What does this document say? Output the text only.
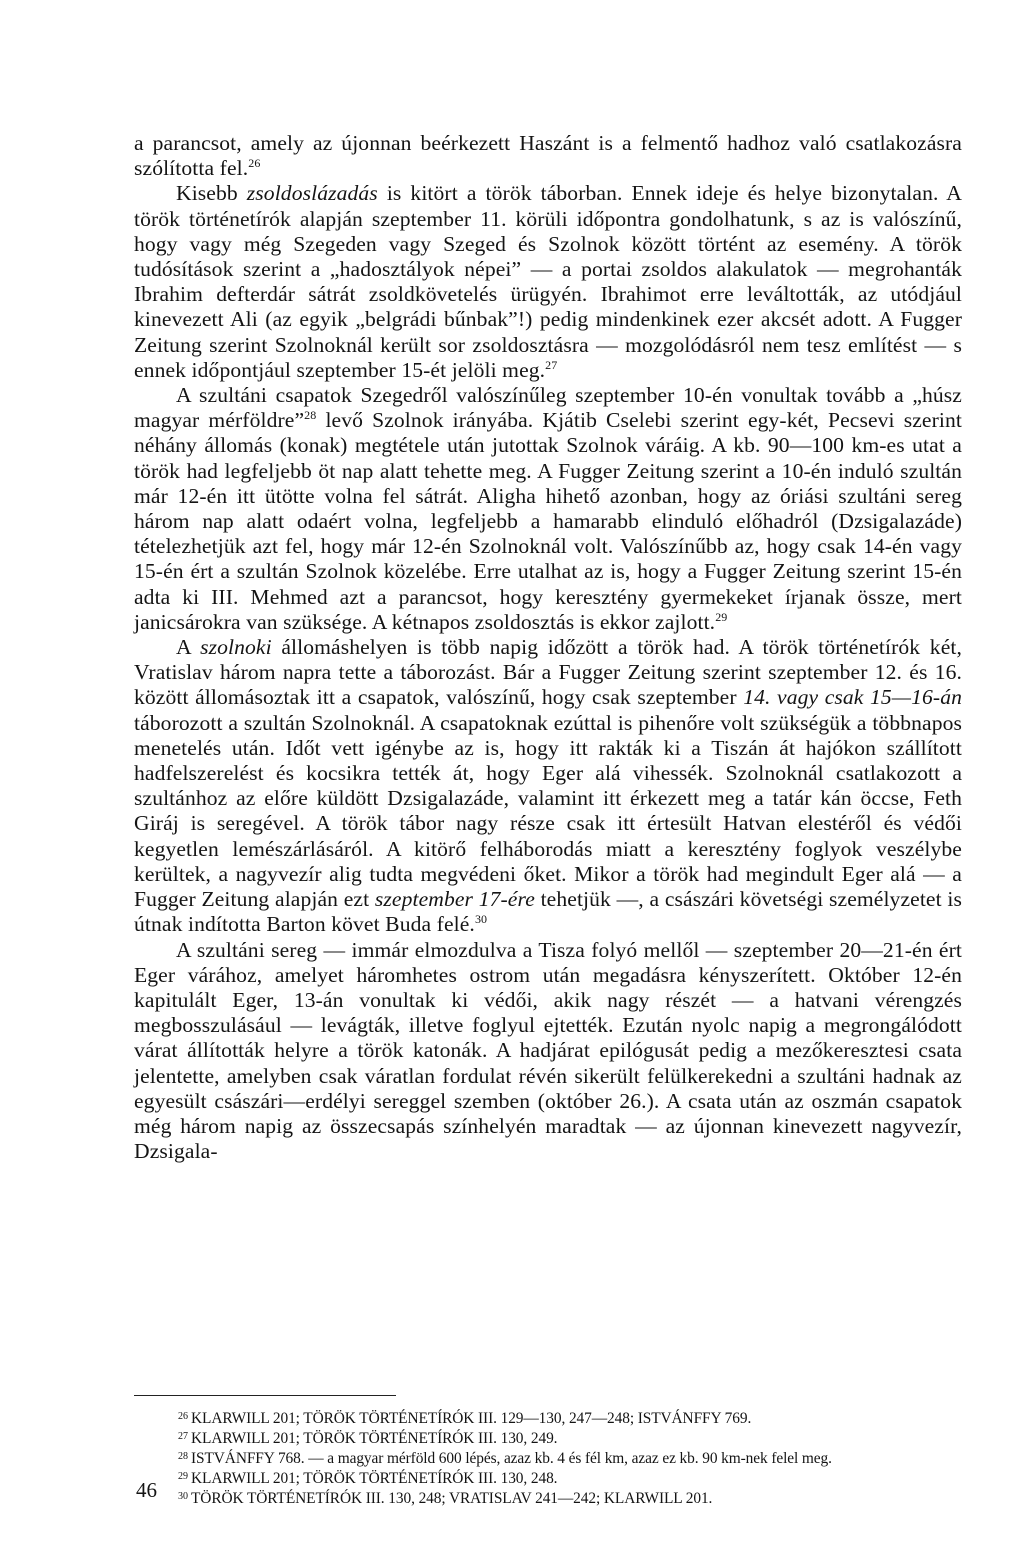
a parancsot, amely az újonnan beérkezett Haszánt is a felmentő hadhoz való csatlakozásra szólította fel.$^{26}$

Kisebb zsoldoslázadás is kitört a török táborban. Ennek ideje és helye bizonytalan. A török történetírók alapján szeptember 11. körüli időpontra gondolhatunk, s az is valószínű, hogy vagy még Szegeden vagy Szeged és Szolnok között történt az esemény. A török tudósítások szerint a „hadosztályok népei” — a portai zsoldos alakulatok — megrohanták Ibrahim defterdár sátrát zsoldkövetelés ürügyén. Ibrahimot erre leváltották, az utódjául kinevezett Ali (az egyik „belgrádi bűnbak”!) pedig mindenkinek ezer akcsét adott. A Fugger Zeitung szerint Szolnoknál került sor zsoldosztásra — mozgolódásról nem tesz említést — s ennek időpontjául szeptember 15-ét jelöli meg.$^{27}$

A szultáni csapatok Szegedről valószínűleg szeptember 10-én vonultak tovább a „húsz magyar mérföldre”$^{28}$ levő Szolnok irányába. Kjátib Cselebi szerint egy-két, Pecsevi szerint néhány állomás (konak) megtétele után jutottak Szolnok váráig. A kb. 90—100 km-es utat a török had legfeljebb öt nap alatt tehette meg. A Fugger Zeitung szerint a 10-én induló szultán már 12-én itt ütötte volna fel sátrát. Aligha hihető azonban, hogy az óriási szultáni sereg három nap alatt odaért volna, legfeljebb a hamarabb elinduló előhadról (Dzsigalazáde) tételezhetjük azt fel, hogy már 12-én Szolnoknál volt. Valószínűbb az, hogy csak 14-én vagy 15-én ért a szultán Szolnok közelébe. Erre utalhat az is, hogy a Fugger Zeitung szerint 15-én adta ki III. Mehmed azt a parancsot, hogy keresztény gyermekeket írjanak össze, mert janicsárokra van szüksége. A kétnapos zsoldosztás is ekkor zajlott.$^{29}$

A szolnoki állomáshelyen is több napig időzött a török had. A török történetírók két, Vratislav három napra tette a táborozást. Bár a Fugger Zeitung szerint szeptember 12. és 16. között állomásoztak itt a csapatok, valószínű, hogy csak szeptember 14. vagy csak 15—16-án táborozott a szultán Szolnoknál. A csapatoknak ezúttal is pihenőre volt szükségük a többnapos menetelés után. Időt vett igénybe az is, hogy itt rakták ki a Tiszán át hajókon szállított hadfelszerelést és kocsikra tették át, hogy Eger alá vihessék. Szolnoknál csatlakozott a szultánhoz az előre küldött Dzsigalazáde, valamint itt érkezett meg a tatár kán öccse, Feth Giráj is seregével. A török tábor nagy része csak itt értesült Hatvan elestéről és védői kegyetlen lemészárlásáról. A kitörő felháborodás miatt a keresztény foglyok veszélybe kerültek, a nagyvezír alig tudta megvédeni őket. Mikor a török had megindult Eger alá — a Fugger Zeitung alapján ezt szeptember 17-ére tehetjük —, a császári követségi személyzetet is útnak indította Barton követ Buda felé.$^{30}$

A szultáni sereg — immár elmozdulva a Tisza folyó mellől — szeptember 20—21-én ért Eger várához, amelyet háromhetes ostrom után megadásra kényszerített. Október 12-én kapitulált Eger, 13-án vonultak ki védői, akik nagy részét — a hatvani vérengzés megbosszulásául — levágták, illetve foglyul ejtették. Ezután nyolc napig a megrongálódott várat állították helyre a török katonák. A hadjárat epilógusát pedig a mezőkeresztesi csata jelentette, amelyben csak váratlan fordulat révén sikerült felülkerekedni a szultáni hadnak az egyesült császári—erdélyi sereggel szemben (október 26.). A csata után az oszmán csapatok még három napig az összecsapás színhelyén maradtak — az újonnan kinevezett nagyvezír, Dzsigala-

$^{26}$ KLARWILL 201; TÖRÖK TÖRTÉNETÍRÓK III. 129—130, 247—248; ISTVÁNFFY 769.
$^{27}$ KLARWILL 201; TÖRÖK TÖRTÉNETÍRÓK III. 130, 249.
$^{28}$ ISTVÁNFFY 768. — a magyar mérföld 600 lépés, azaz kb. 4 és fél km, azaz ez kb. 90 km-nek felel meg.
$^{29}$ KLARWILL 201; TÖRÖK TÖRTÉNETÍRÓK III. 130, 248.
$^{30}$ TÖRÖK TÖRTÉNETÍRÓK III. 130, 248; VRATISLAV 241—242; KLARWILL 201.
46
